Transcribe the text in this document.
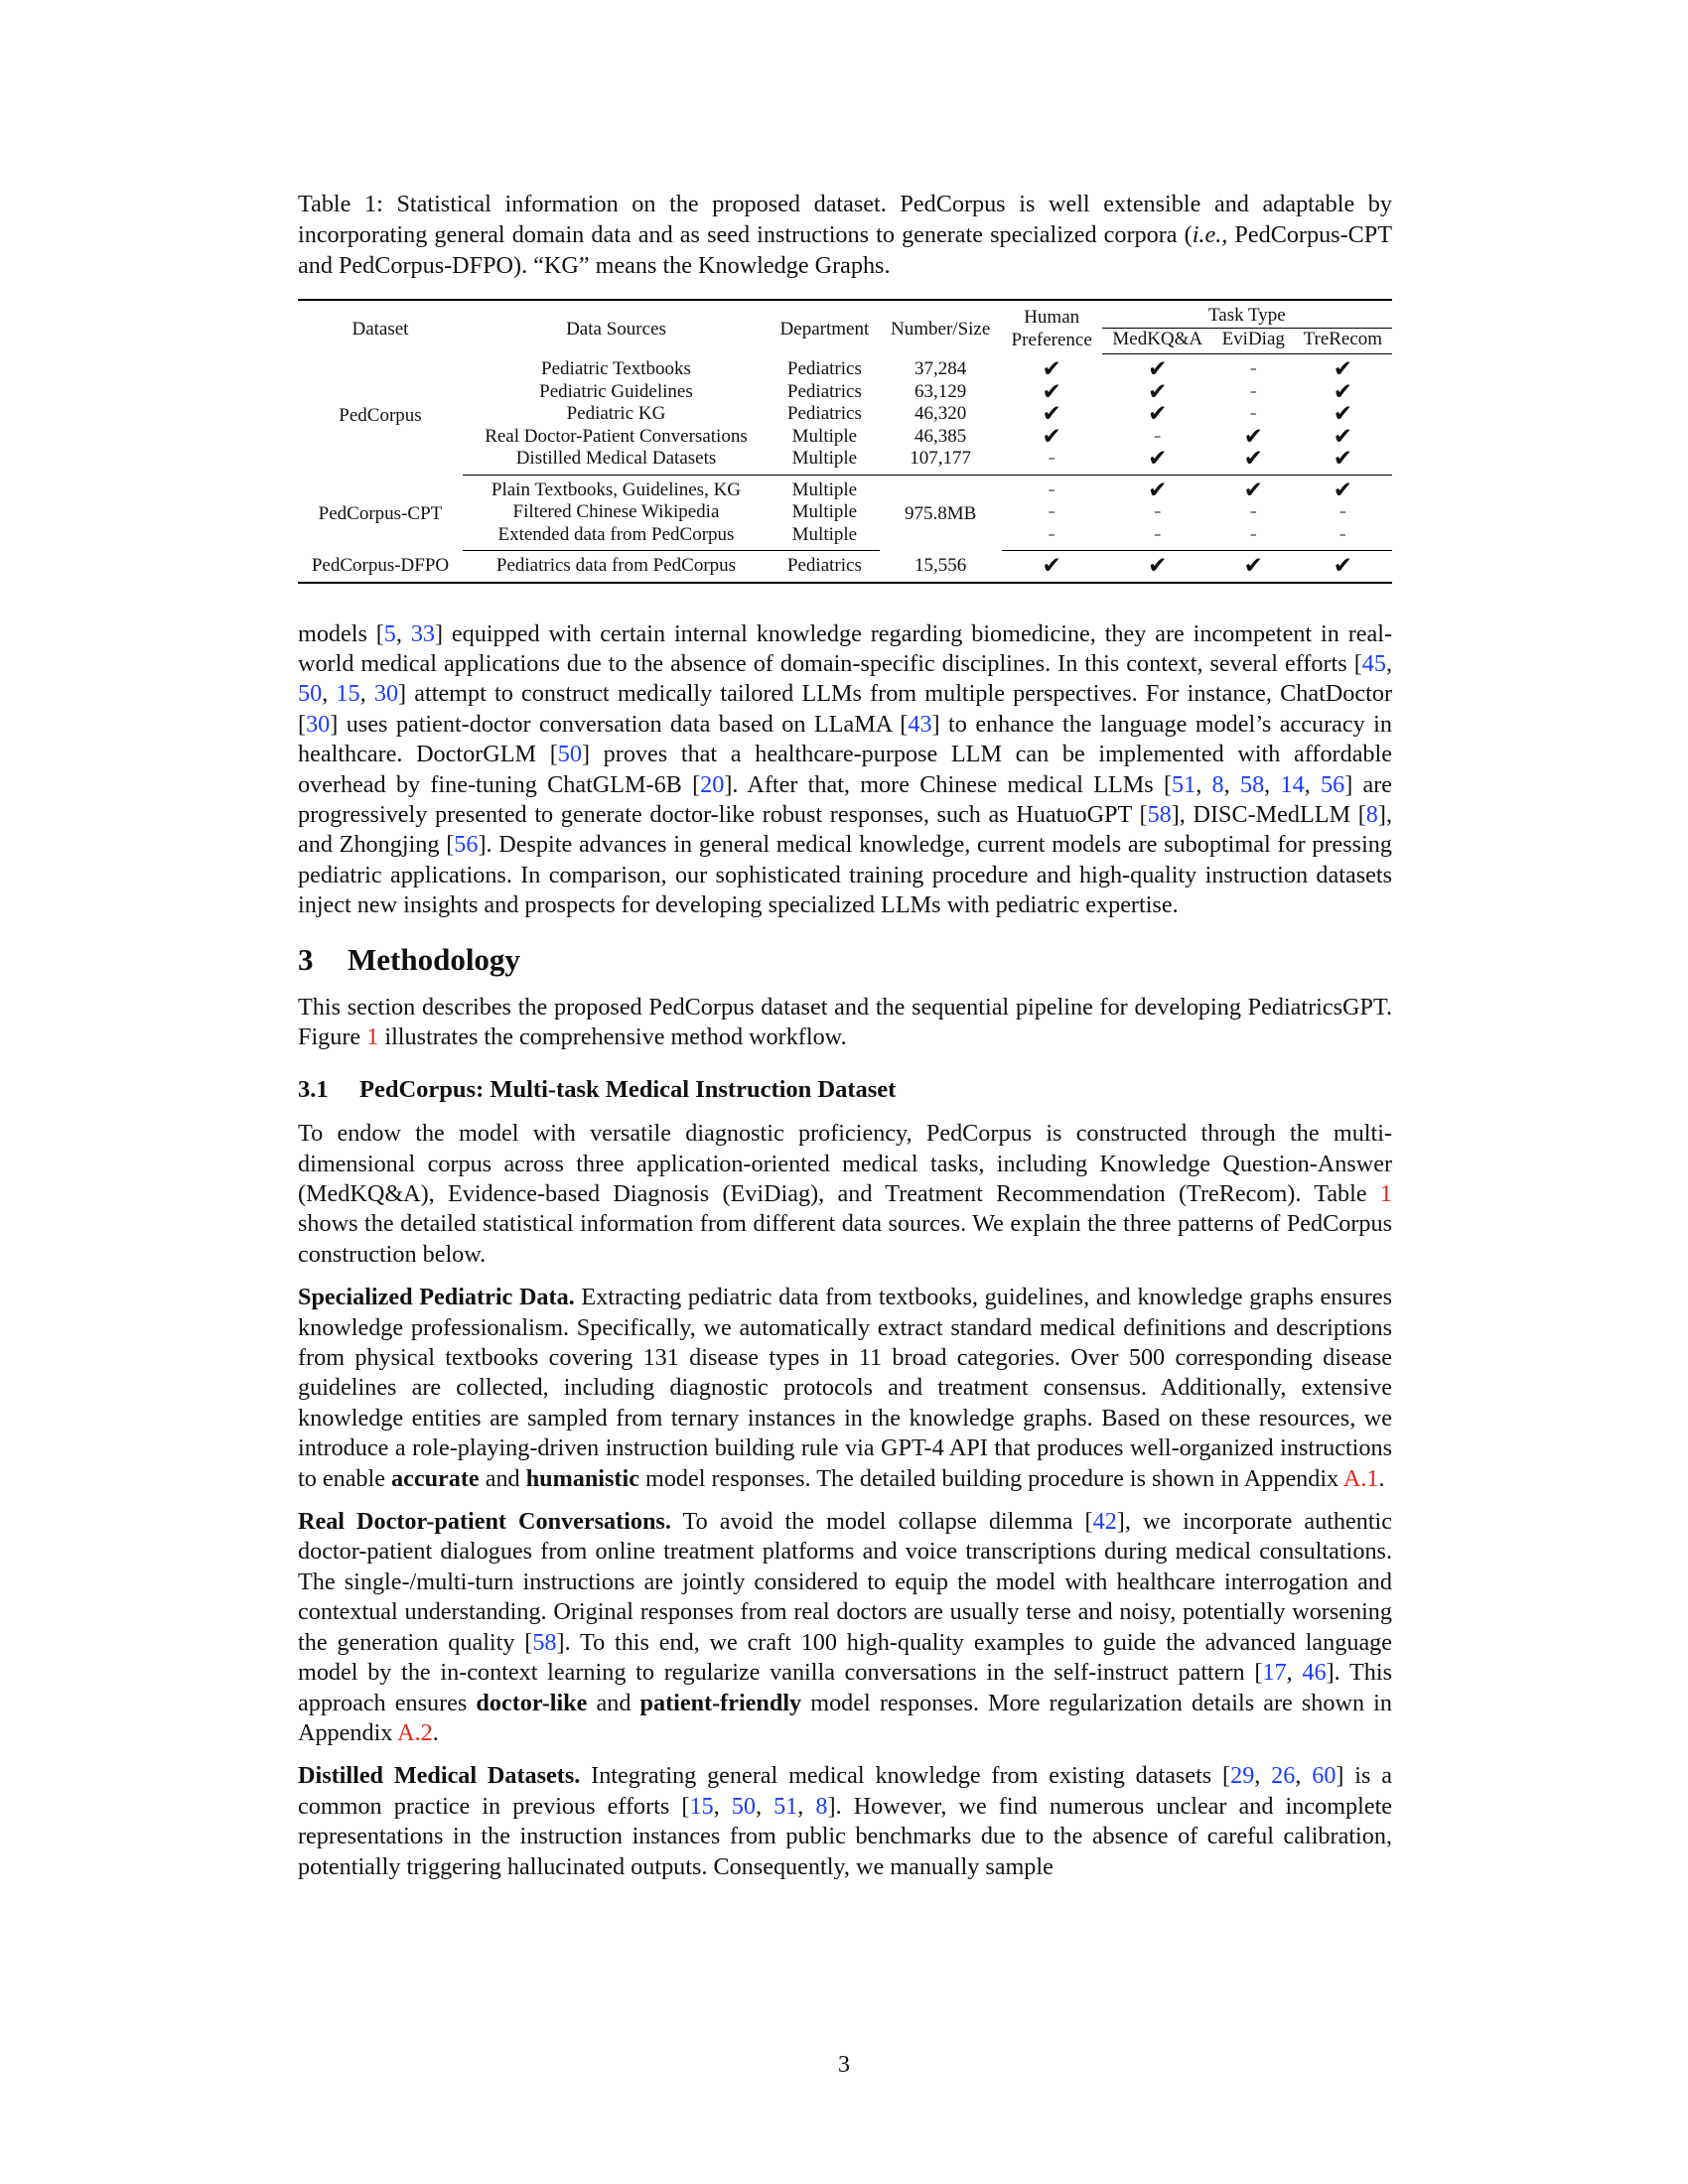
Table 1: Statistical information on the proposed dataset. PedCorpus is well extensible and adaptable by incorporating general domain data and as seed instructions to generate specialized corpora (i.e., PedCorpus-CPT and PedCorpus-DFPO). “KG” means the Knowledge Graphs.
Dataset	Data Sources	Department	Number/Size	Human
Preference	Task Type		
					MedKQ&A	EviDiag	TreRecom
PedCorpus	Pediatric Textbooks	Pediatrics	37,284	✔	✔	–	✔
	Pediatric Guidelines	Pediatrics	63,129	✔	✔	–	✔
	Pediatric KG	Pediatrics	46,320	✔	✔	–	✔
	Real Doctor-Patient Conversations	Multiple	46,385	✔	–	✔	✔
	Distilled Medical Datasets	Multiple	107,177	–	✔	✔	✔
PedCorpus-CPT	Plain Textbooks, Guidelines, KG	Multiple	975.8MB	–	✔	✔	✔
	Filtered Chinese Wikipedia	Multiple		–	–	–	–
	Extended data from PedCorpus	Multiple		–	–	–	–
PedCorpus-DFPO	Pediatrics data from PedCorpus	Pediatrics	15,556	✔	✔	✔	✔

models [5, 33] equipped with certain internal knowledge regarding biomedicine, they are incompetent in real-world medical applications due to the absence of domain-specific disciplines. In this context, several efforts [45, 50, 15, 30] attempt to construct medically tailored LLMs from multiple perspectives. For instance, ChatDoctor [30] uses patient-doctor conversation data based on LLaMA [43] to enhance the language model’s accuracy in healthcare. DoctorGLM [50] proves that a healthcare-purpose LLM can be implemented with affordable overhead by fine-tuning ChatGLM-6B [20]. After that, more Chinese medical LLMs [51, 8, 58, 14, 56] are progressively presented to generate doctor-like robust responses, such as HuatuoGPT [58], DISC-MedLLM [8], and Zhongjing [56]. Despite advances in general medical knowledge, current models are suboptimal for pressing pediatric applications. In comparison, our sophisticated training procedure and high-quality instruction datasets inject new insights and prospects for developing specialized LLMs with pediatric expertise.

3 Methodology

This section describes the proposed PedCorpus dataset and the sequential pipeline for developing PediatricsGPT. Figure 1 illustrates the comprehensive method workflow.

3.1 PedCorpus: Multi-task Medical Instruction Dataset

To endow the model with versatile diagnostic proficiency, PedCorpus is constructed through the multi-dimensional corpus across three application-oriented medical tasks, including Knowledge Question-Answer (MedKQ&A), Evidence-based Diagnosis (EviDiag), and Treatment Recommendation (TreRecom). Table 1 shows the detailed statistical information from different data sources. We explain the three patterns of PedCorpus construction below.

Specialized Pediatric Data. Extracting pediatric data from textbooks, guidelines, and knowledge graphs ensures knowledge professionalism. Specifically, we automatically extract standard medical definitions and descriptions from physical textbooks covering 131 disease types in 11 broad categories. Over 500 corresponding disease guidelines are collected, including diagnostic protocols and treatment consensus. Additionally, extensive knowledge entities are sampled from ternary instances in the knowledge graphs. Based on these resources, we introduce a role-playing-driven instruction building rule via GPT-4 API that produces well-organized instructions to enable accurate and humanistic model responses. The detailed building procedure is shown in Appendix A.1.

Real Doctor-patient Conversations. To avoid the model collapse dilemma [42], we incorporate authentic doctor-patient dialogues from online treatment platforms and voice transcriptions during medical consultations. The single-/multi-turn instructions are jointly considered to equip the model with healthcare interrogation and contextual understanding. Original responses from real doctors are usually terse and noisy, potentially worsening the generation quality [58]. To this end, we craft 100 high-quality examples to guide the advanced language model by the in-context learning to regularize vanilla conversations in the self-instruct pattern [17, 46]. This approach ensures doctor-like and patient-friendly model responses. More regularization details are shown in Appendix A.2.

Distilled Medical Datasets. Integrating general medical knowledge from existing datasets [29, 26, 60] is a common practice in previous efforts [15, 50, 51, 8]. However, we find numerous unclear and incomplete representations in the instruction instances from public benchmarks due to the absence of careful calibration, potentially triggering hallucinated outputs. Consequently, we manually sample

3
